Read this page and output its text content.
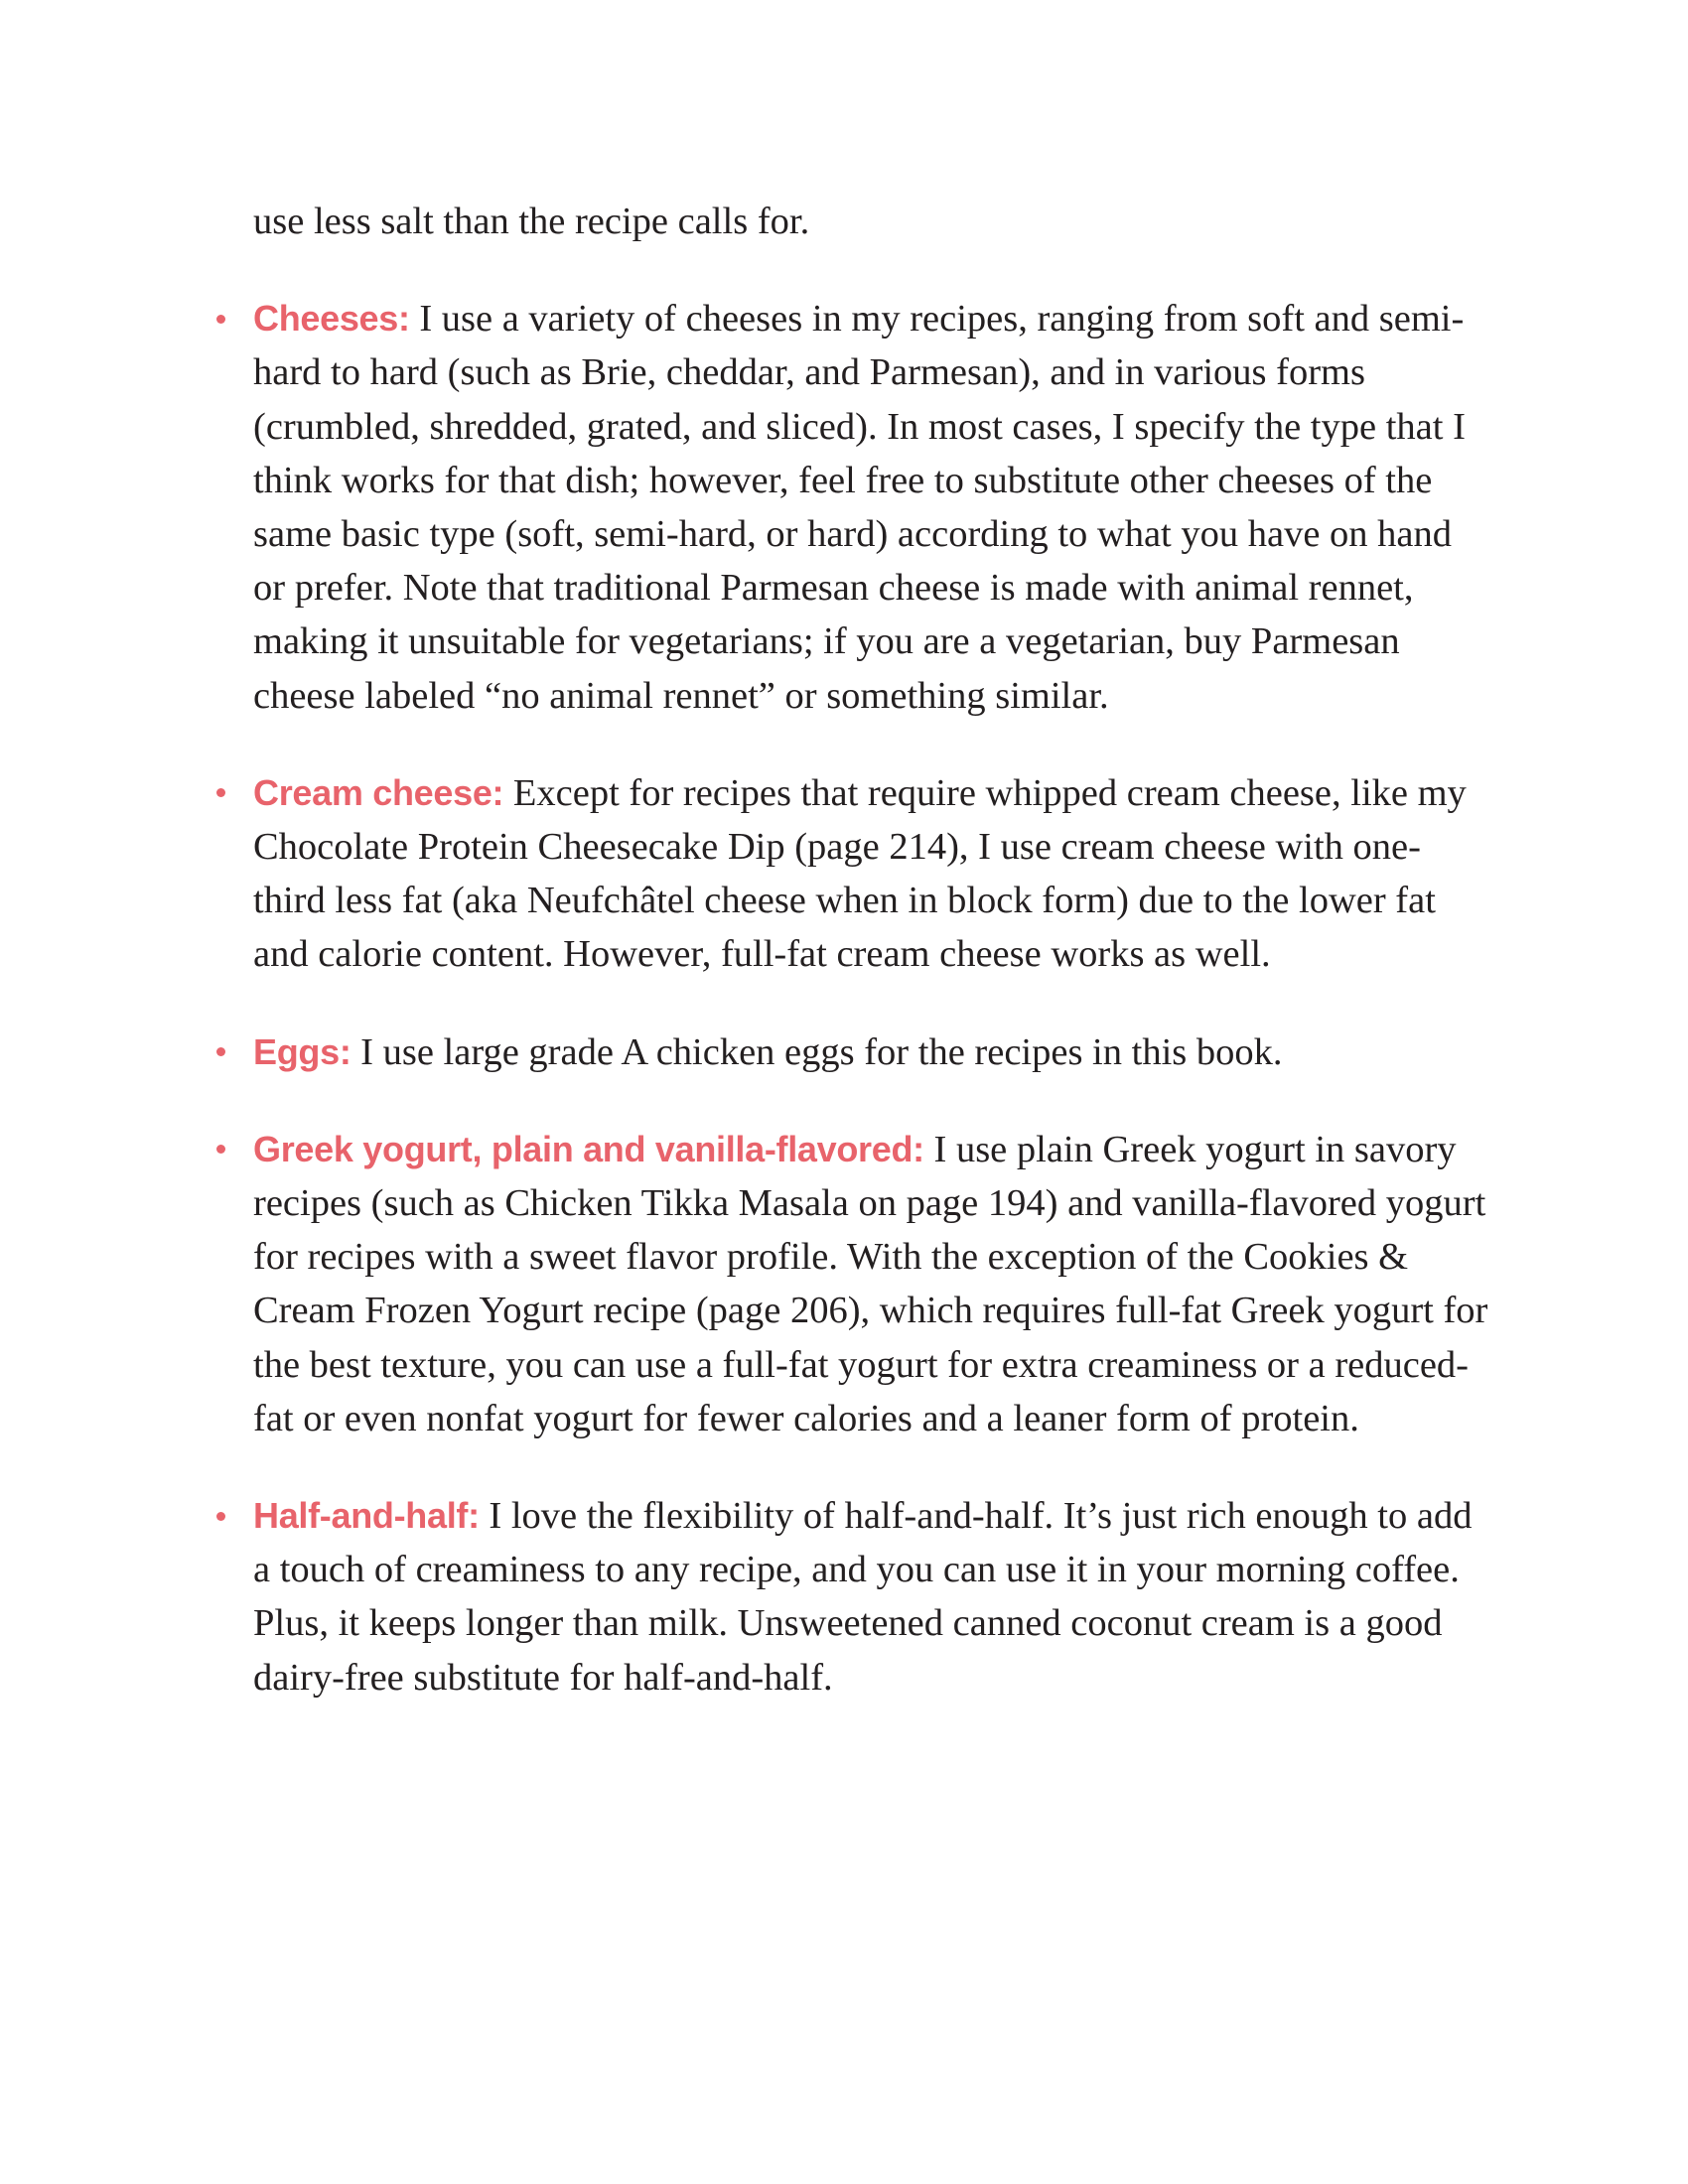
use less salt than the recipe calls for.

Cheeses: I use a variety of cheeses in my recipes, ranging from soft and semi-hard to hard (such as Brie, cheddar, and Parmesan), and in various forms (crumbled, shredded, grated, and sliced). In most cases, I specify the type that I think works for that dish; however, feel free to substitute other cheeses of the same basic type (soft, semi-hard, or hard) according to what you have on hand or prefer. Note that traditional Parmesan cheese is made with animal rennet, making it unsuitable for vegetarians; if you are a vegetarian, buy Parmesan cheese labeled “no animal rennet” or something similar.
Cream cheese: Except for recipes that require whipped cream cheese, like my Chocolate Protein Cheesecake Dip (page 214), I use cream cheese with one-third less fat (aka Neufchâtel cheese when in block form) due to the lower fat and calorie content. However, full-fat cream cheese works as well.
Eggs: I use large grade A chicken eggs for the recipes in this book.
Greek yogurt, plain and vanilla-flavored: I use plain Greek yogurt in savory recipes (such as Chicken Tikka Masala on page 194) and vanilla-flavored yogurt for recipes with a sweet flavor profile. With the exception of the Cookies & Cream Frozen Yogurt recipe (page 206), which requires full-fat Greek yogurt for the best texture, you can use a full-fat yogurt for extra creaminess or a reduced-fat or even nonfat yogurt for fewer calories and a leaner form of protein.
Half-and-half: I love the flexibility of half-and-half. It’s just rich enough to add a touch of creaminess to any recipe, and you can use it in your morning coffee. Plus, it keeps longer than milk. Unsweetened canned coconut cream is a good dairy-free substitute for half-and-half.
